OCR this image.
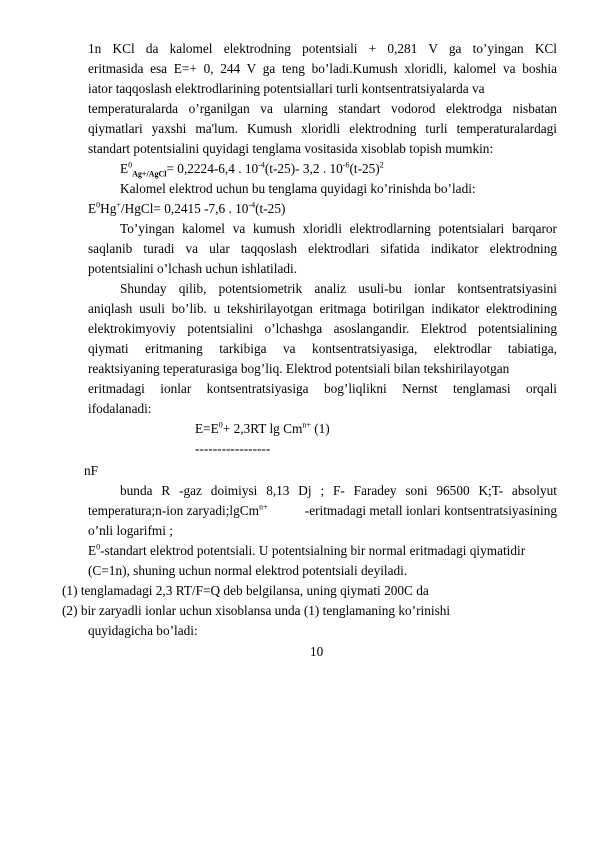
1n KCl da kalomel elektrodning potentsiali + 0,281 V ga to’yingan KCl
eritmasida esa E=+ 0, 244 V ga teng bo’ladi.Kumush xloridli, kalomel va boshia
iator taqqoslash elektrodlarining potentsiallari turli kontsentratsiyalarda va
temperaturalarda o’rganilgan va ularning standart vodorod elektrodga nisbatan
qiymatlari yaxshi ma'lum. Kumush xloridli elektrodning turli temperaturalardagi
standart potentsialini quyidagi tenglama vositasida xisoblab topish mumkin:
$E^0_{Ag+/AgCl}= 0,2224-6,4$ . $10^{-4}(t-25)-$ 3,2 . $10^{-6}(t-25)^2$
Kalomel elektrod uchun bu tenglama quyidagi ko’rinishda bo’ladi:
$E^0Hg^+/HgCl= 0,2415$ -7,6 . $10^{-4}(t-25)$
To’yingan kalomel va kumush xloridli elektrodlarning potentsialari barqaror
saqlanib turadi va ular taqqoslash elektrodlari sifatida indikator elektrodning
potentsialini o’lchash uchun ishlatiladi.
Shunday qilib, potentsiometrik analiz usuli-bu ionlar kontsentratsiyasini
aniqlash usuli bo’lib. u tekshirilayotgan eritmaga botirilgan indikator elektrodining
elektrokimyoviy potentsialini o’lchashga asoslangandir. Elektrod potentsialining
qiymati eritmaning tarkibiga va kontsentratsiyasiga, elektrodlar tabiatiga,
reaktsiyaning teperaturasiga bog’liq. Elektrod potentsiali bilan tekshirilayotgan
eritmadagi ionlar kontsentratsiyasiga bog’liqlikni Nernst tenglamasi orqali
ifodalanadi:
$E=E^0+ 2,3RT$ $\lg Cm^{n+}$ (1)
-----------------
nF
bunda R -gaz doimiysi 8,13 Dj ; F- Faradey soni 96500 K;T- absolyut
temperatura;n-ion zaryadi;lgCm$^{n+}$	-eritmadagi metall ionlari kontsentratsiyasining
o’nli logarifmi ;
$E^0$-standart elektrod potentsiali. U potentsialning bir normal eritmadagi qiymatidir
(C=1n), shuning uchun normal elektrod potentsiali deyiladi.
(1) tenglamadagi 2,3 RT/F=Q deb belgilansa, uning qiymati 200C da
(2) bir zaryadli ionlar uchun xisoblansa unda (1) tenglamaning ko’rinishi
quyidagicha bo’ladi:
10
